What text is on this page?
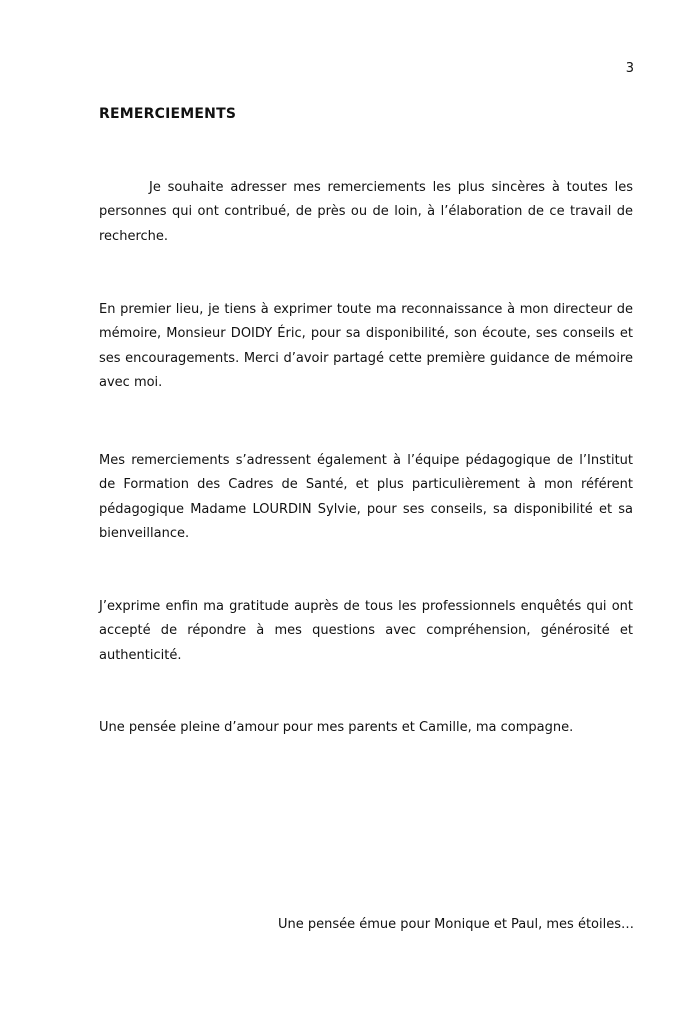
3
REMERCIEMENTS

Je souhaite adresser mes remerciements les plus sincères à toutes les personnes qui ont contribué, de près ou de loin, à l’élaboration de ce travail de recherche.

En premier lieu, je tiens à exprimer toute ma reconnaissance à mon directeur de mémoire, Monsieur DOIDY Éric, pour sa disponibilité, son écoute, ses conseils et ses encouragements. Merci d’avoir partagé cette première guidance de mémoire avec moi.

Mes remerciements s’adressent également à l’équipe pédagogique de l’Institut de Formation des Cadres de Santé, et plus particulièrement à mon référent pédagogique Madame LOURDIN Sylvie, pour ses conseils, sa disponibilité et sa bienveillance.

J’exprime enfin ma gratitude auprès de tous les professionnels enquêtés qui ont accepté de répondre à mes questions avec compréhension, générosité et authenticité.

Une pensée pleine d’amour pour mes parents et Camille, ma compagne.

Une pensée émue pour Monique et Paul, mes étoiles…
